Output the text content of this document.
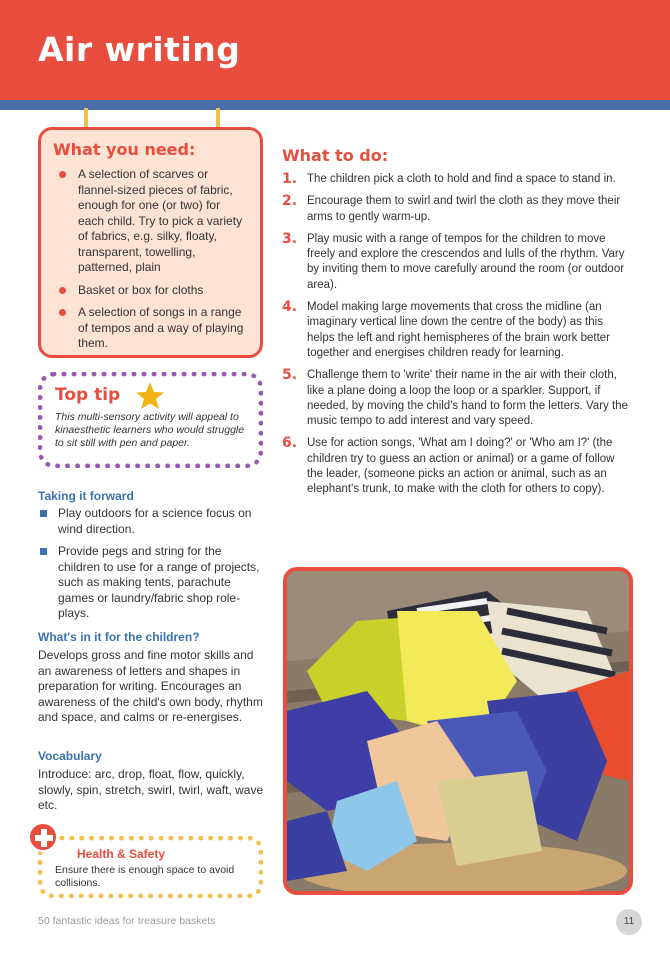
Air writing
What you need:
A selection of scarves or flannel-sized pieces of fabric, enough for one (or two) for each child. Try to pick a variety of fabrics, e.g. silky, floaty, transparent, towelling, patterned, plain
Basket or box for cloths
A selection of songs in a range of tempos and a way of playing them.
Top tip
This multi-sensory activity will appeal to kinaesthetic learners who would struggle to sit still with pen and paper.
Taking it forward
Play outdoors for a science focus on wind direction.
Provide pegs and string for the children to use for a range of projects, such as making tents, parachute games or laundry/fabric shop role-plays.
What's in it for the children?
Develops gross and fine motor skills and an awareness of letters and shapes in preparation for writing. Encourages an awareness of the child's own body, rhythm and space, and calms or re-energises.
Vocabulary
Introduce: arc, drop, float, flow, quickly, slowly, spin, stretch, swirl, twirl, waft, wave etc.
Health & Safety
Ensure there is enough space to avoid collisions.
What to do:
1. The children pick a cloth to hold and find a space to stand in.
2. Encourage them to swirl and twirl the cloth as they move their arms to gently warm-up.
3. Play music with a range of tempos for the children to move freely and explore the crescendos and lulls of the rhythm. Vary by inviting them to move carefully around the room (or outdoor area).
4. Model making large movements that cross the midline (an imaginary vertical line down the centre of the body) as this helps the left and right hemispheres of the brain work better together and energises children ready for learning.
5. Challenge them to 'write' their name in the air with their cloth, like a plane doing a loop the loop or a sparkler. Support, if needed, by moving the child's hand to form the letters. Vary the music tempo to add interest and vary speed.
6. Use for action songs, 'What am I doing?' or 'Who am I?' (the children try to guess an action or animal) or a game of follow the leader, (someone picks an action or animal, such as an elephant's trunk, to make with the cloth for others to copy).
50 fantastic ideas for treasure baskets	11
